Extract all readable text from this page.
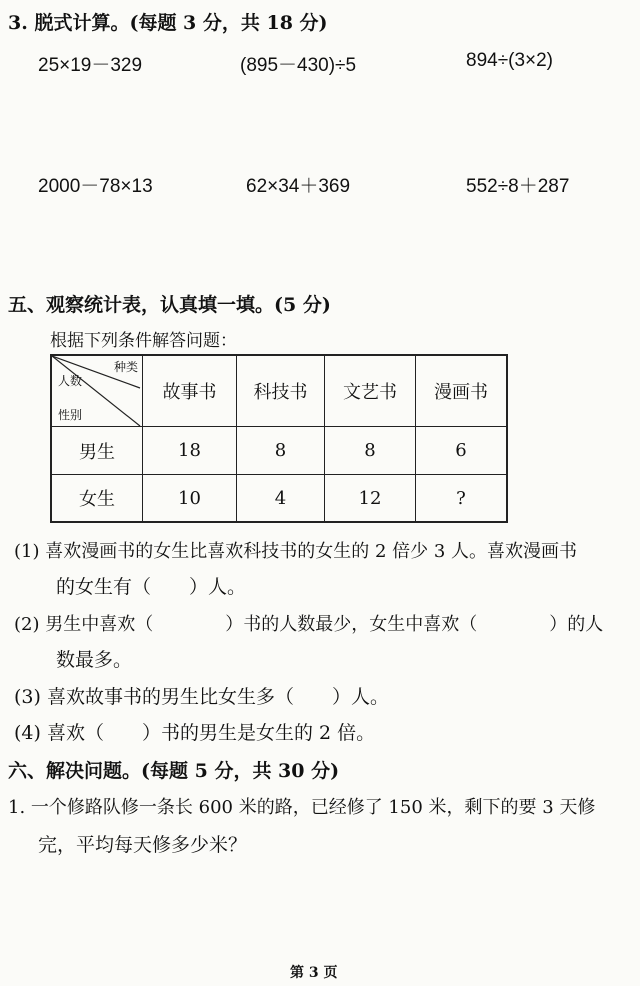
3. 脱式计算。(每题 3 分，共 18 分)
25×19－329	(895－430)÷5	894÷(3×2)
2000－78×13	62×34＋369	552÷8＋287
五、观察统计表，认真填一填。(5 分)
根据下列条件解答问题：
种类
人数
性别	故事书	科技书	文艺书	漫画书
男生	18	8	8	6
女生	10	4	12	?
(1) 喜欢漫画书的女生比喜欢科技书的女生的 2 倍少 3 人。喜欢漫画书
的女生有（　　）人。
(2) 男生中喜欢（　　　　）书的人数最少，女生中喜欢（　　　　）的人
数最多。
(3) 喜欢故事书的男生比女生多（　　）人。
(4) 喜欢（　　）书的男生是女生的 2 倍。
六、解决问题。(每题 5 分，共 30 分)
1. 一个修路队修一条长 600 米的路，已经修了 150 米，剩下的要 3 天修
完，平均每天修多少米？
第 3 页
